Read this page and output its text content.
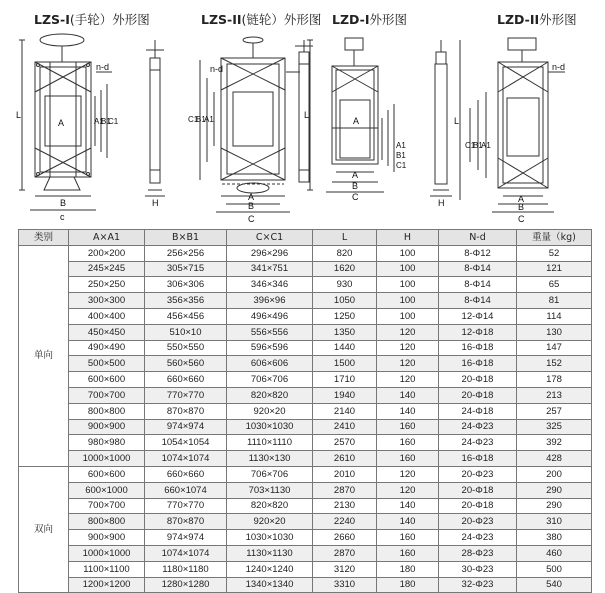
LZS-I(手轮）外形图	LZS-II(链轮）外形图 LZD-I外形图	LZD-II外形图
n-d
L
A	A1
B1
C1
B
c
H
n-d
C1
B1
A1
A
B
C
L
A
A1
B1
C1
A
B
C
H
n-d
L
C1
B1
A1
A
B
C
类别	A×A1	B×B1	C×C1	L	H	N-d	重量（kg)
单向	200×200	256×256	296×296	820	100	8-Φ12	52
	245×245	305×715	341×751	1620	100	8-Φ14	121
	250×250	306×306	346×346	930	100	8-Φ14	65
	300×300	356×356	396×96	1050	100	8-Φ14	81
	400×400	456×456	496×496	1250	100	12-Φ14	114
	450×450	510×10	556×556	1350	120	12-Φ18	130
	490×490	550×550	596×596	1440	120	16-Φ18	147
	500×500	560×560	606×606	1500	120	16-Φ18	152
	600×600	660×660	706×706	1710	120	20-Φ18	178
	700×700	770×770	820×820	1940	140	20-Φ18	213
	800×800	870×870	920×20	2140	140	24-Φ18	257
	900×900	974×974	1030×1030	2410	160	24-Φ23	325
	980×980	1054×1054	1110×1110	2570	160	24-Φ23	392
	1000×1000	1074×1074	1130×130	2610	160	16-Φ18	428
双向	600×600	660×660	706×706	2010	120	20-Φ23	200
	600×1000	660×1074	703×1130	2870	120	20-Φ18	290
	700×700	770×770	820×820	2130	140	20-Φ18	290
	800×800	870×870	920×20	2240	140	20-Φ23	310
	900×900	974×974	1030×1030	2660	160	24-Φ23	380
	1000×1000	1074×1074	1130×1130	2870	160	28-Φ23	460
	1100×1100	1180×1180	1240×1240	3120	180	30-Φ23	500
	1200×1200	1280×1280	1340×1340	3310	180	32-Φ23	540
